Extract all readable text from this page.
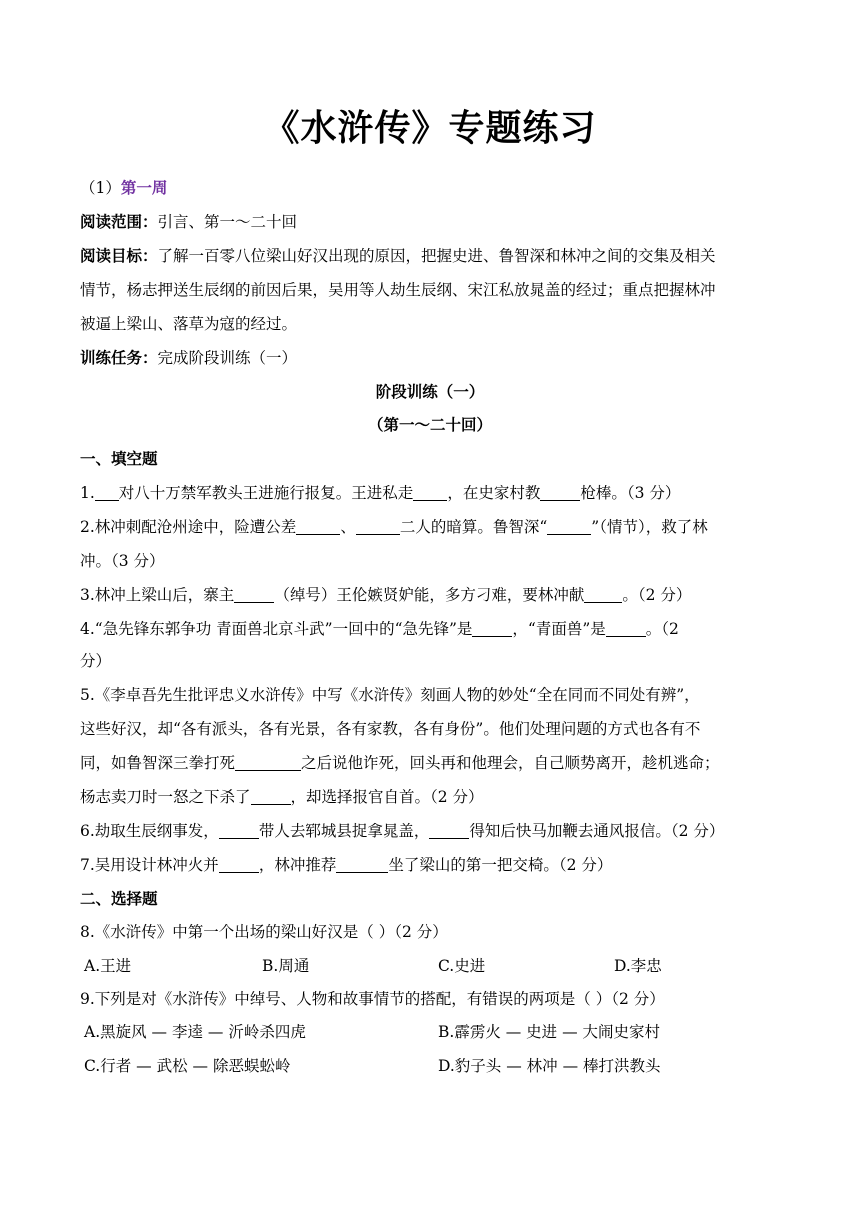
《水浒传》专题练习
（1）第一周
阅读范围：引言、第一～二十回
阅读目标：了解一百零八位梁山好汉出现的原因，把握史进、鲁智深和林冲之间的交集及相关
情节，杨志押送生辰纲的前因后果，吴用等人劫生辰纲、宋江私放晁盖的经过；重点把握林冲
被逼上梁山、落草为寇的经过。
训练任务：完成阶段训练（一）
阶段训练（一）
（第一～二十回）
一、填空题
1. 对八十万禁军教头王进施行报复。王进私走 ，在史家村教	枪棒。（3 分）
2.林冲刺配沧州途中，险遭公差	、	二人的暗算。鲁智深“	”（情节），救了林
冲。（3 分）
3.林冲上梁山后，寨主	（绰号）王伦嫉贤妒能，多方刁难，要林冲献 。（2 分）
4.“急先锋东郭争功 青面兽北京斗武”一回中的“急先锋”是	，“青面兽”是	。（2
分）
5.《李卓吾先生批评忠义水浒传》中写《水浒传》刻画人物的妙处“全在同而不同处有辨”，
这些好汉，却“各有派头，各有光景，各有家教，各有身份”。他们处理问题的方式也各有不
同，如鲁智深三拳打死	之后说他诈死，回头再和他理会，自己顺势离开，趁机逃命；
杨志卖刀时一怒之下杀了	，却选择报官自首。（2 分）
6.劫取生辰纲事发，	带人去郓城县捉拿晁盖，	得知后快马加鞭去通风报信。（2 分）
7.吴用设计林冲火并	，林冲推荐	坐了梁山的第一把交椅。（2 分）
二、选择题
8.《水浒传》中第一个出场的梁山好汉是（ ）（2 分）
A.王进	B.周通	C.史进	D.李忠
9.下列是对《水浒传》中绰号、人物和故事情节的搭配，有错误的两项是（ ）（2 分）
A.黑旋风 — 李逵 — 沂岭杀四虎	B.霹雳火 — 史进 — 大闹史家村
C.行者 — 武松 — 除恶蜈蚣岭	D.豹子头 — 林冲 — 棒打洪教头
